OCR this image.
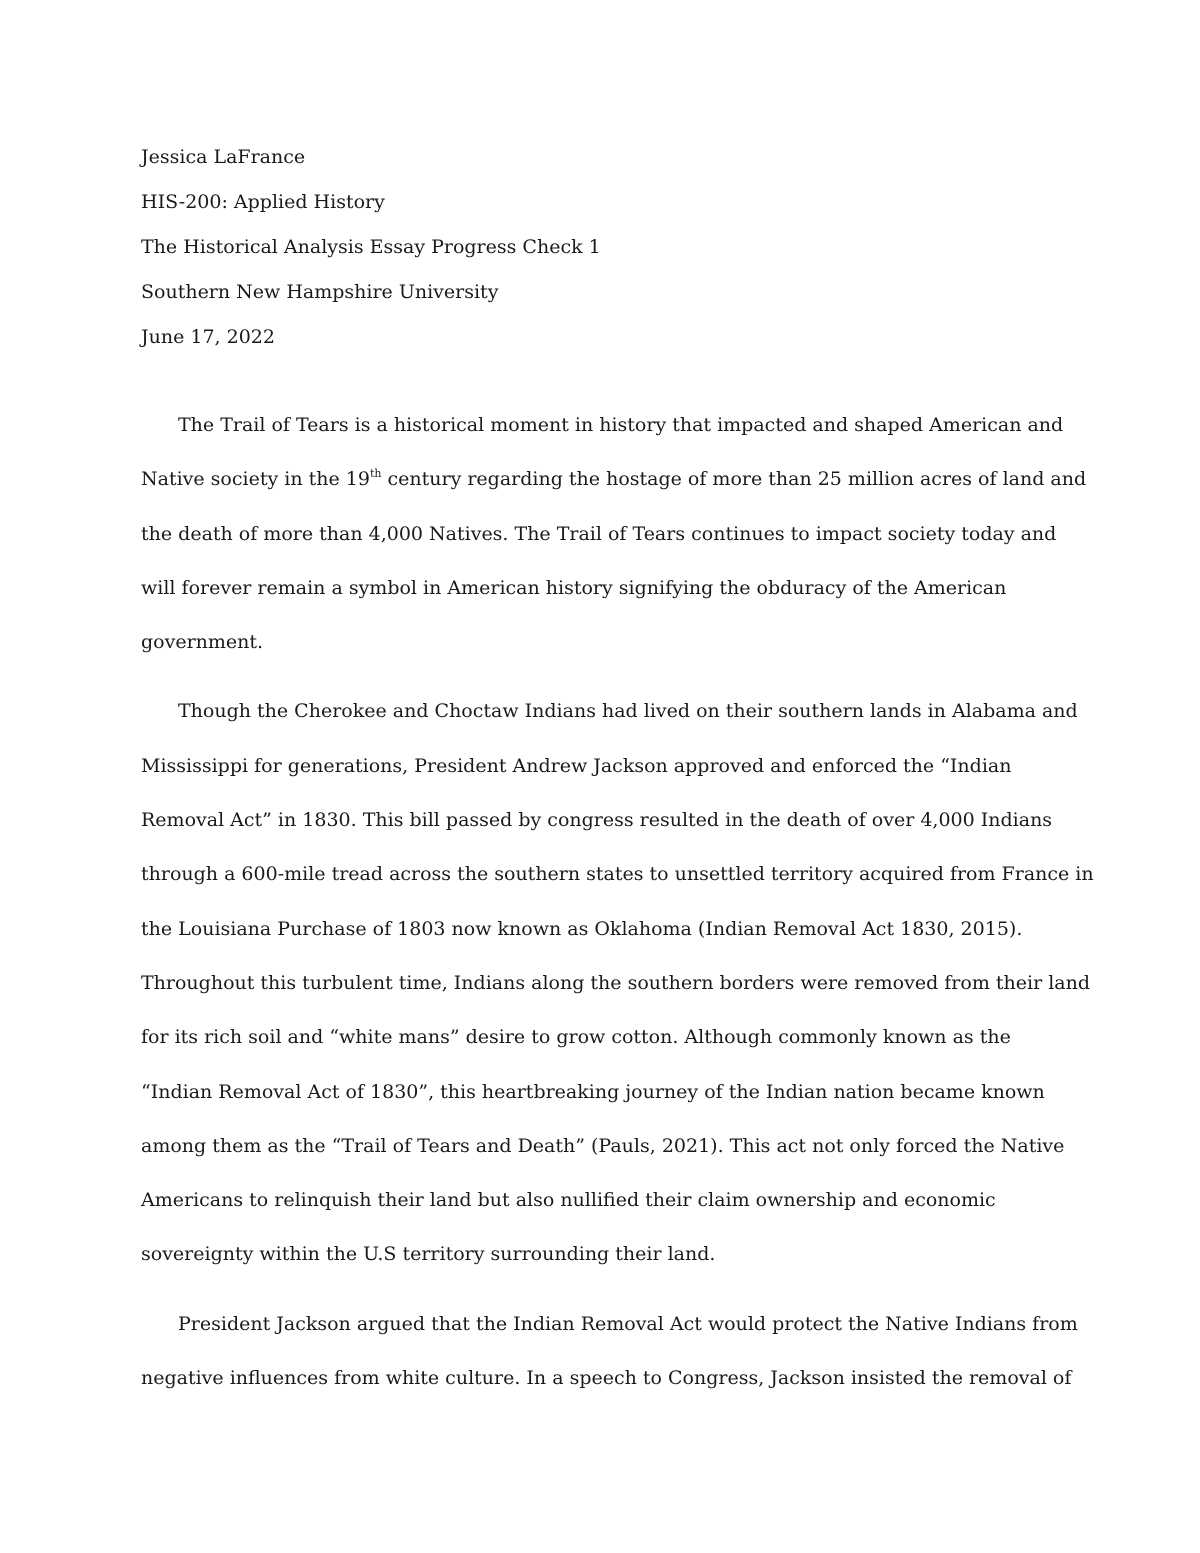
Jessica LaFrance
HIS-200: Applied History
The Historical Analysis Essay Progress Check 1
Southern New Hampshire University
June 17, 2022
The Trail of Tears is a historical moment in history that impacted and shaped American and
Native society in the 19th century regarding the hostage of more than 25 million acres of land and
the death of more than 4,000 Natives. The Trail of Tears continues to impact society today and
will forever remain a symbol in American history signifying the obduracy of the American
government.
Though the Cherokee and Choctaw Indians had lived on their southern lands in Alabama and
Mississippi for generations, President Andrew Jackson approved and enforced the “Indian
Removal Act” in 1830. This bill passed by congress resulted in the death of over 4,000 Indians
through a 600-mile tread across the southern states to unsettled territory acquired from France in
the Louisiana Purchase of 1803 now known as Oklahoma (Indian Removal Act 1830, 2015).
Throughout this turbulent time, Indians along the southern borders were removed from their land
for its rich soil and “white mans” desire to grow cotton. Although commonly known as the
“Indian Removal Act of 1830”, this heartbreaking journey of the Indian nation became known
among them as the “Trail of Tears and Death” (Pauls, 2021). This act not only forced the Native
Americans to relinquish their land but also nullified their claim ownership and economic
sovereignty within the U.S territory surrounding their land.
President Jackson argued that the Indian Removal Act would protect the Native Indians from
negative influences from white culture. In a speech to Congress, Jackson insisted the removal of
